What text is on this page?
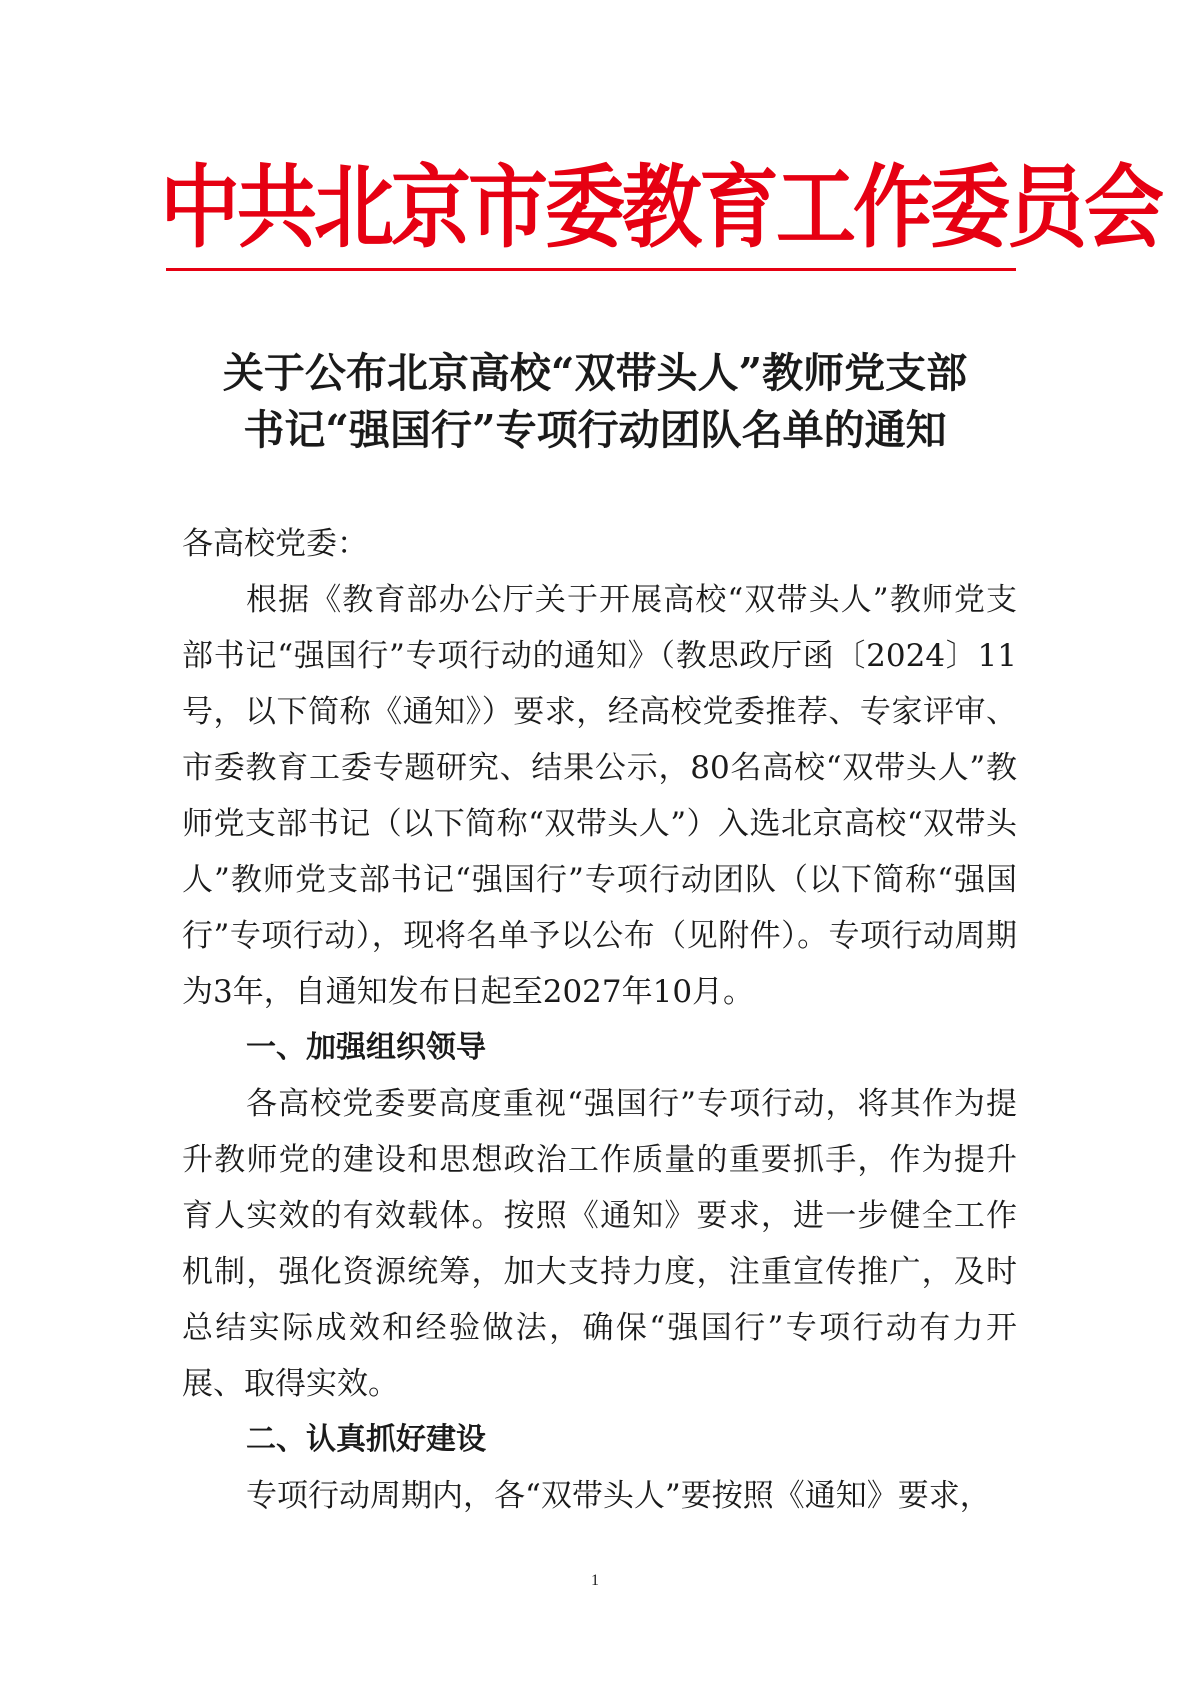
中共北京市委教育工作委员会
关于公布北京高校“双带头人”教师党支部
书记“强国行”专项行动团队名单的通知

各高校党委：

根据《教育部办公厅关于开展高校“双带头人”教师党支部书记“强国行”专项行动的通知》（教思政厅函〔2024〕11号，以下简称《通知》）要求，经高校党委推荐、专家评审、市委教育工委专题研究、结果公示，80名高校“双带头人”教师党支部书记（以下简称“双带头人”）入选北京高校“双带头人”教师党支部书记“强国行”专项行动团队（以下简称“强国行”专项行动），现将名单予以公布（见附件）。专项行动周期为3年，自通知发布日起至2027年10月。

一、加强组织领导

各高校党委要高度重视“强国行”专项行动，将其作为提升教师党的建设和思想政治工作质量的重要抓手，作为提升育人实效的有效载体。按照《通知》要求，进一步健全工作机制，强化资源统筹，加大支持力度，注重宣传推广，及时总结实际成效和经验做法，确保“强国行”专项行动有力开展、取得实效。

二、认真抓好建设

专项行动周期内，各“双带头人”要按照《通知》要求，

1
